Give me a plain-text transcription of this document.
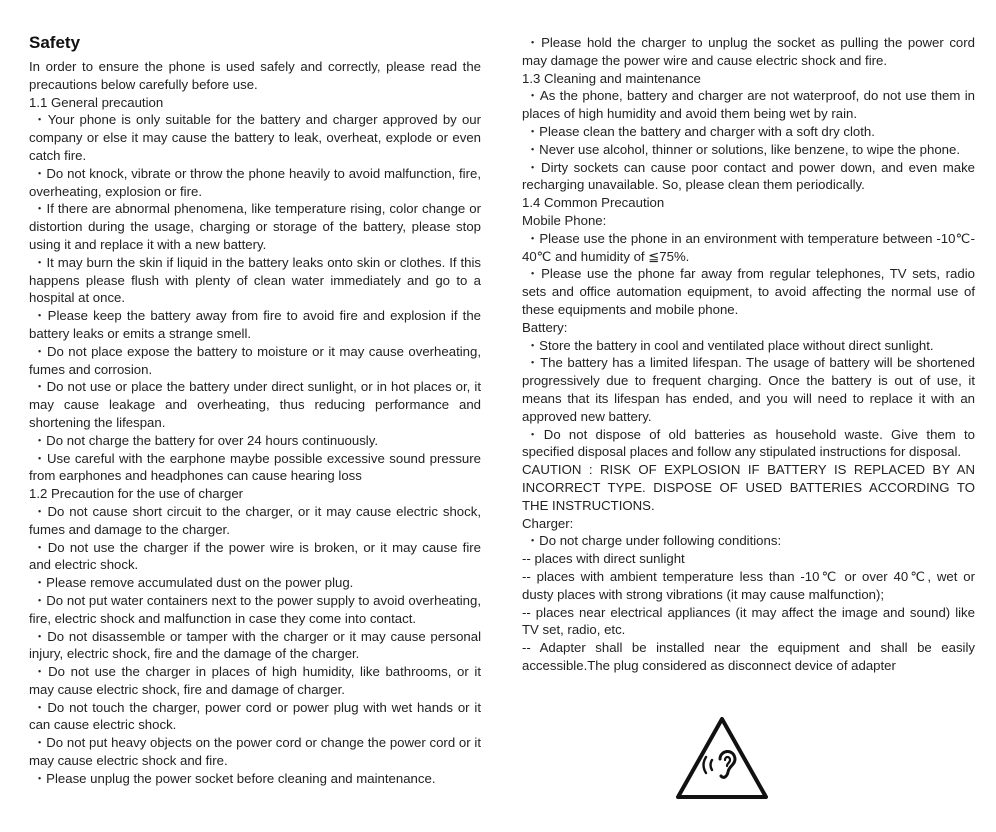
Safety

In order to ensure the phone is used safely and correctly, please read the precautions below carefully before use.

1.1 General precaution

・Your phone is only suitable for the battery and charger approved by our company or else it may cause the battery to leak, overheat, explode or even catch fire.

・Do not knock, vibrate or throw the phone heavily to avoid malfunction, fire, overheating, explosion or fire.

・If there are abnormal phenomena, like temperature rising, color change or distortion during the usage, charging or storage of the battery, please stop using it and replace it with a new battery.

・It may burn the skin if liquid in the battery leaks onto skin or clothes. If this happens please flush with plenty of clean water immediately and go to a hospital at once.

・Please keep the battery away from fire to avoid fire and explosion if the battery leaks or emits a strange smell.

・Do not place expose the battery to moisture or it may cause overheating, fumes and corrosion.

・Do not use or place the battery under direct sunlight, or in hot places or, it may cause leakage and overheating, thus reducing performance and shortening the lifespan.

・Do not charge the battery for over 24 hours continuously.

・Use careful with the earphone maybe possible excessive sound pressure from earphones and headphones can cause hearing loss

1.2 Precaution for the use of charger

・Do not cause short circuit to the charger, or it may cause electric shock, fumes and damage to the charger.

・Do not use the charger if the power wire is broken, or it may cause fire and electric shock.

・Please remove accumulated dust on the power plug.

・Do not put water containers next to the power supply to avoid overheating, fire, electric shock and malfunction in case they come into contact.

・Do not disassemble or tamper with the charger or it may cause personal injury, electric shock, fire and the damage of the charger.

・Do not use the charger in places of high humidity, like bathrooms, or it may cause electric shock, fire and damage of charger.

・Do not touch the charger, power cord or power plug with wet hands or it can cause electric shock.

・Do not put heavy objects on the power cord or change the power cord or it may cause electric shock and fire.

・Please unplug the power socket before cleaning and maintenance.

・Please hold the charger to unplug the socket as pulling the power cord may damage the power wire and cause electric shock and fire.

1.3 Cleaning and maintenance

・As the phone, battery and charger are not waterproof, do not use them in places of high humidity and avoid them being wet by rain.

・Please clean the battery and charger with a soft dry cloth.

・Never use alcohol, thinner or solutions, like benzene, to wipe the phone.

・Dirty sockets can cause poor contact and power down, and even make recharging unavailable. So, please clean them periodically.

1.4 Common Precaution

Mobile Phone:

・Please use the phone in an environment with temperature between -10℃- 40℃ and humidity of ≦75%.

・Please use the phone far away from regular telephones, TV sets, radio sets and office automation equipment, to avoid affecting the normal use of these equipments and mobile phone.

Battery:

・Store the battery in cool and ventilated place without direct sunlight.

・The battery has a limited lifespan. The usage of battery will be shortened progressively due to frequent charging. Once the battery is out of use, it means that its lifespan has ended, and you will need to replace it with an approved new battery.

・Do not dispose of old batteries as household waste. Give them to specified disposal places and follow any stipulated instructions for disposal.

CAUTION : RISK OF EXPLOSION IF BATTERY IS REPLACED BY AN INCORRECT TYPE. DISPOSE OF USED BATTERIES ACCORDING TO THE INSTRUCTIONS.

Charger:

・Do not charge under following conditions:

-- places with direct sunlight

-- places with ambient temperature less than -10℃ or over 40℃, wet or dusty places with strong vibrations (it may cause malfunction);

-- places near electrical appliances (it may affect the image and sound) like TV set, radio, etc.

-- Adapter shall be installed near the equipment and shall be easily accessible.The plug considered as disconnect device of adapter
